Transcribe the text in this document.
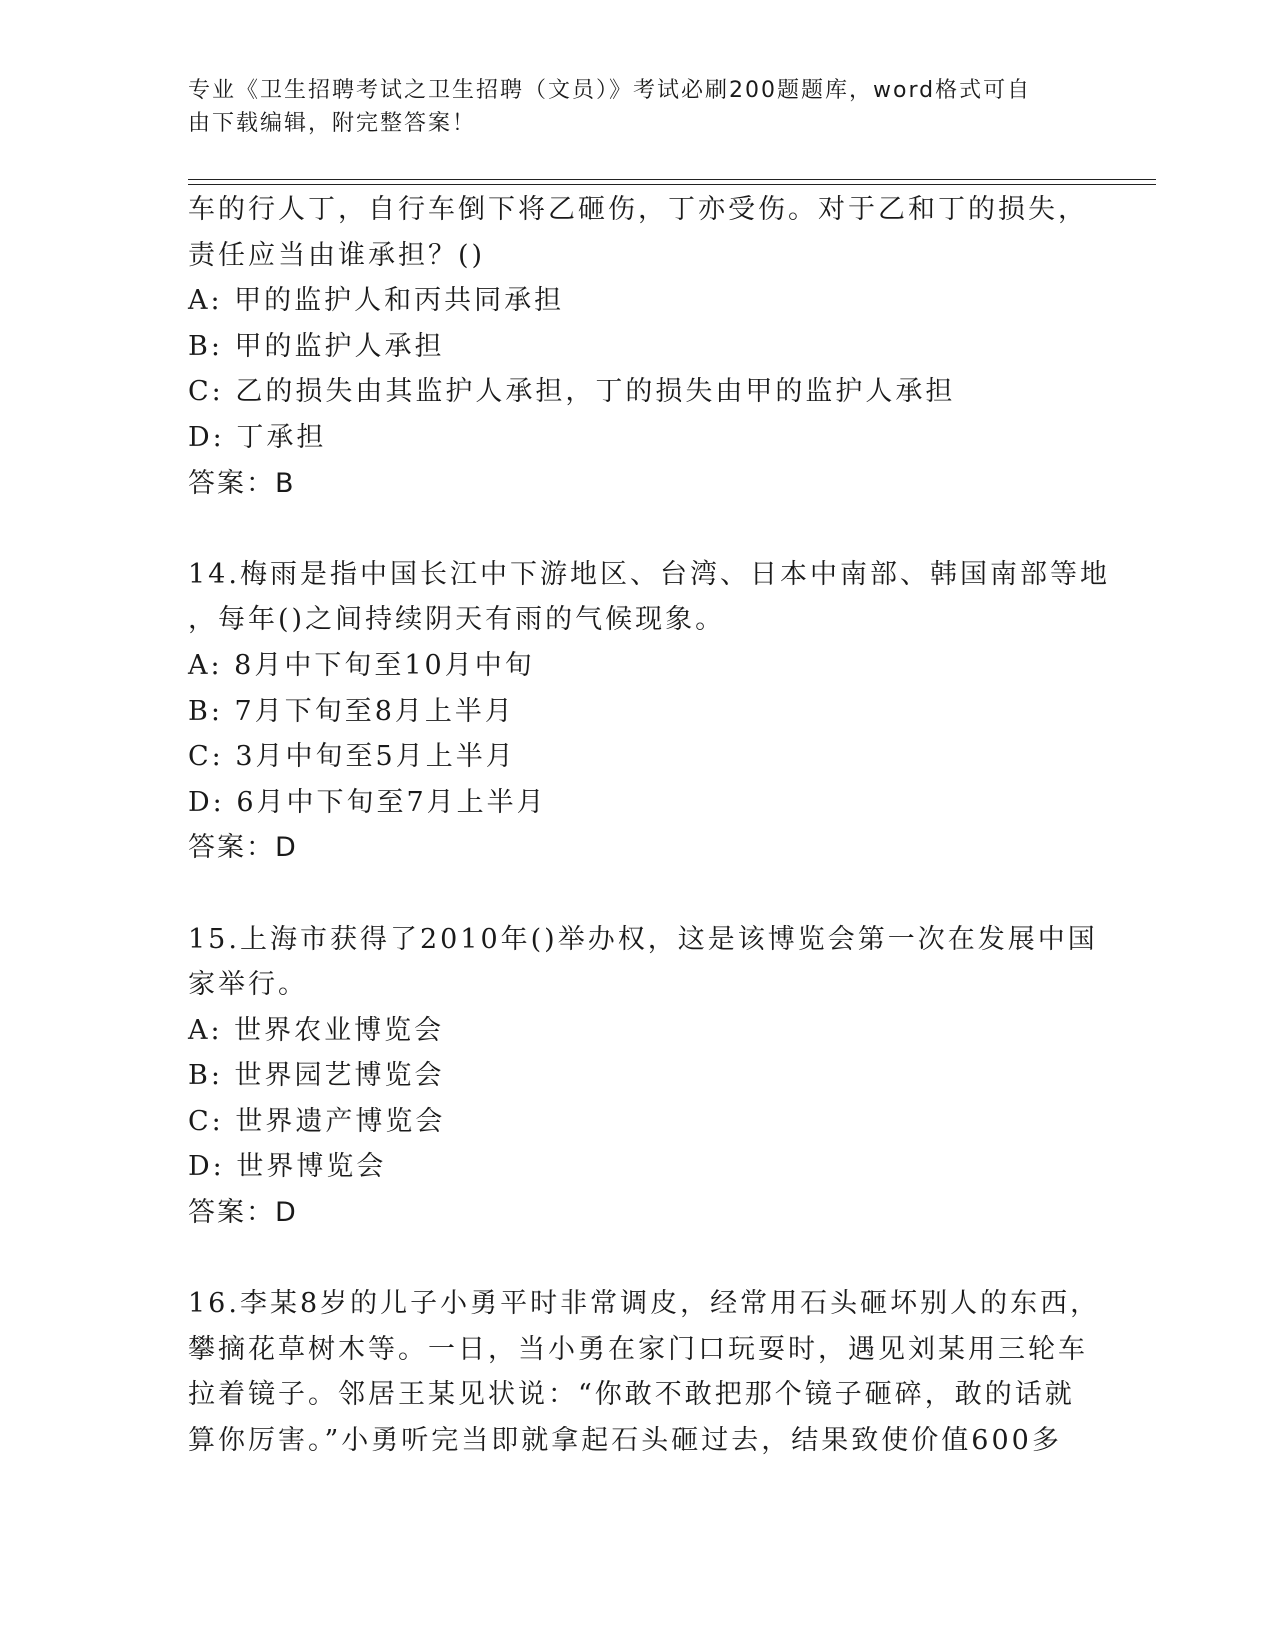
专业《卫生招聘考试之卫生招聘（文员）》考试必刷200题题库，word格式可自
由下载编辑，附完整答案！
车的行人丁，自行车倒下将乙砸伤，丁亦受伤。对于乙和丁的损失，
责任应当由谁承担？()
A: 甲的监护人和丙共同承担
B: 甲的监护人承担
C: 乙的损失由其监护人承担，丁的损失由甲的监护人承担
D: 丁承担
答案：B
14.梅雨是指中国长江中下游地区、台湾、日本中南部、韩国南部等地
，每年()之间持续阴天有雨的气候现象。
A: 8月中下旬至10月中旬
B: 7月下旬至8月上半月
C: 3月中旬至5月上半月
D: 6月中下旬至7月上半月
答案：D
15.上海市获得了2010年()举办权，这是该博览会第一次在发展中国
家举行。
A: 世界农业博览会
B: 世界园艺博览会
C: 世界遗产博览会
D: 世界博览会
答案：D
16.李某8岁的儿子小勇平时非常调皮，经常用石头砸坏别人的东西，
攀摘花草树木等。一日，当小勇在家门口玩耍时，遇见刘某用三轮车
拉着镜子。邻居王某见状说：“你敢不敢把那个镜子砸碎，敢的话就
算你厉害。”小勇听完当即就拿起石头砸过去，结果致使价值600多
